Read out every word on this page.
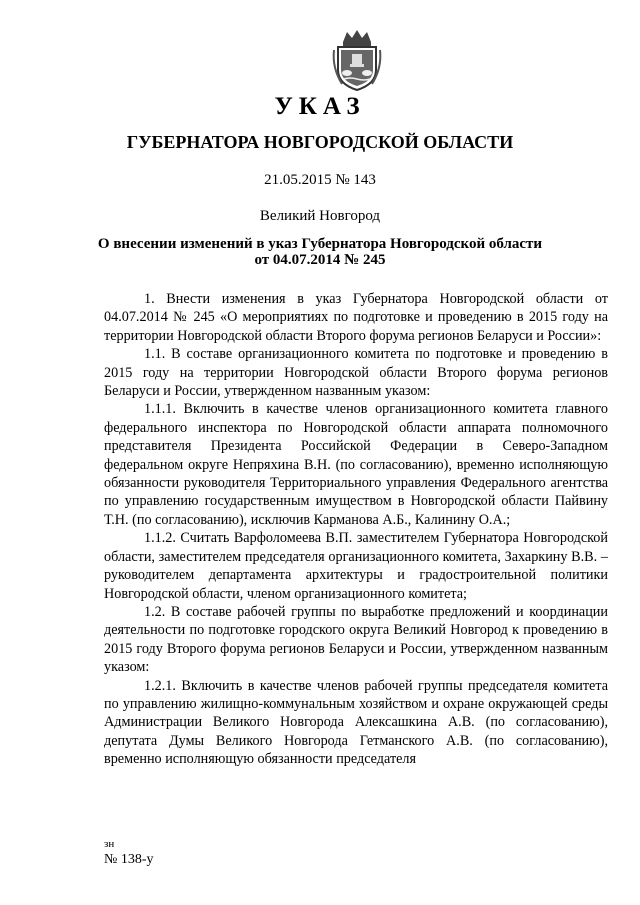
УКАЗ
ГУБЕРНАТОРА НОВГОРОДСКОЙ ОБЛАСТИ
21.05.2015 № 143
Великий Новгород
О внесении изменений в указ Губернатора Новгородской области
от 04.07.2014 № 245

1. Внести изменения в указ Губернатора Новгородской области от 04.07.2014 № 245 «О мероприятиях по подготовке и проведению в 2015 году на территории Новгородской области Второго форума регионов Беларуси и России»:

1.1. В составе организационного комитета по подготовке и проведению в 2015 году на территории Новгородской области Второго форума регионов Беларуси и России, утвержденном названным указом:

1.1.1. Включить в качестве членов организационного комитета главного федерального инспектора по Новгородской области аппарата полномочного представителя Президента Российской Федерации в Северо-Западном федеральном округе Непряхина В.Н. (по согласованию), временно исполняющую обязанности руководителя Территориального управления Федерального агентства по управлению государственным имуществом в Новгородской области Пайвину Т.Н. (по согласованию), исключив Карманова А.Б., Калинину О.А.;

1.1.2. Считать Варфоломеева В.П. заместителем Губернатора Новгородской области, заместителем председателя организационного комитета, Захаркину В.В. – руководителем департамента архитектуры и градостроительной политики Новгородской области, членом организационного комитета;

1.2. В составе рабочей группы по выработке предложений и координации деятельности по подготовке городского округа Великий Новгород к проведению в 2015 году Второго форума регионов Беларуси и России, утвержденном названным указом:

1.2.1. Включить в качестве членов рабочей группы председателя комитета по управлению жилищно-коммунальным хозяйством и охране окружающей среды Администрации Великого Новгорода Алексашкина А.В. (по согласованию), депутата Думы Великого Новгорода Гетманского А.В. (по согласованию), временно исполняющую обязанности председателя

зн
№ 138-у
